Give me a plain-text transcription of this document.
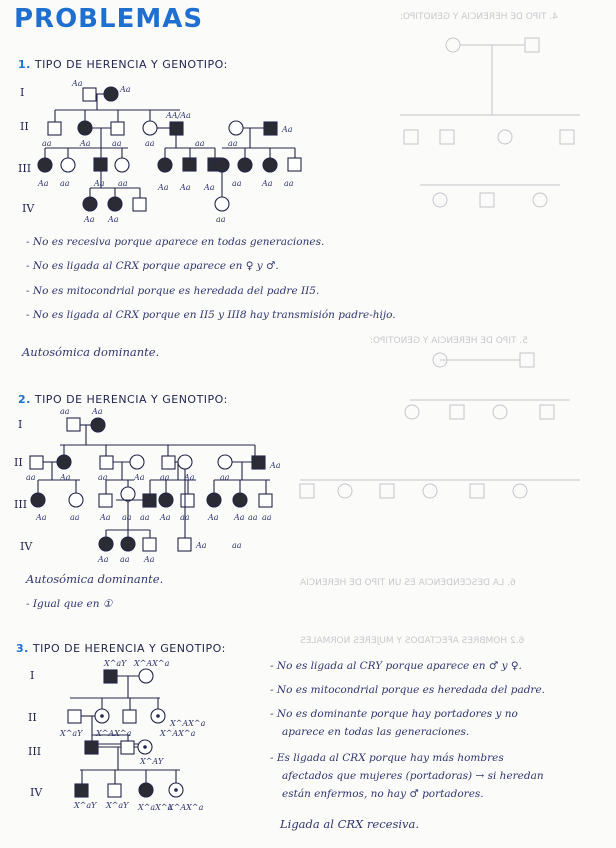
4. TIPO DE HERENCIA Y GENOTIPO:
5. TIPO DE HERENCIA Y GENOTIPO:
6. LA DESCENDENCIA ES UN TIPO DE HERENCIA
6.2 HOMBRES AFECTADOS Y MUJERES NORMALES
PROBLEMAS
1. TIPO DE HERENCIA Y GENOTIPO:
I
II
III
IV
Aa
Aa
aa	Aa	aa	aa
AA/Aa
aa	aa
Aa
Aa aa	Aa aa	Aa Aa Aa aa	Aa aa
Aa Aa	aa
- No es recesiva porque aparece en todas generaciones.
- No es ligada al CRX porque aparece en ♀ y ♂.
- No es mitocondrial porque es heredada del padre II5.
- No es ligada al CRX porque en II5 y III8 hay transmisión padre-hijo.
Autosómica dominante.
2. TIPO DE HERENCIA Y GENOTIPO:
I
II
III
IV
aa	Aa
aa	Aa	aa	Aa aa Aa
Aa
aa
Aa	aa	Aa aa aa Aa aa Aa	aa
Aa
Aa aa Aa
Aa
aa
aa
Autosómica dominante.
- Igual que en ①
3. TIPO DE HERENCIA Y GENOTIPO:
I
II
III
IV
X^aY X^AX^a
X^aY X^AX^a
X^AX^a
X^AY
X^aY X^aY X^aX^a
X^AX^a
X^AX^a
- No es ligada al CRY porque aparece en ♂ y ♀.
- No es mitocondrial porque es heredada del padre.
- No es dominante porque hay portadores y no
aparece en todas las generaciones.
- Es ligada al CRX porque hay más hombres
afectados que mujeres (portadoras) → si heredan
están enfermos, no hay ♂ portadores.
Ligada al CRX recesiva.
